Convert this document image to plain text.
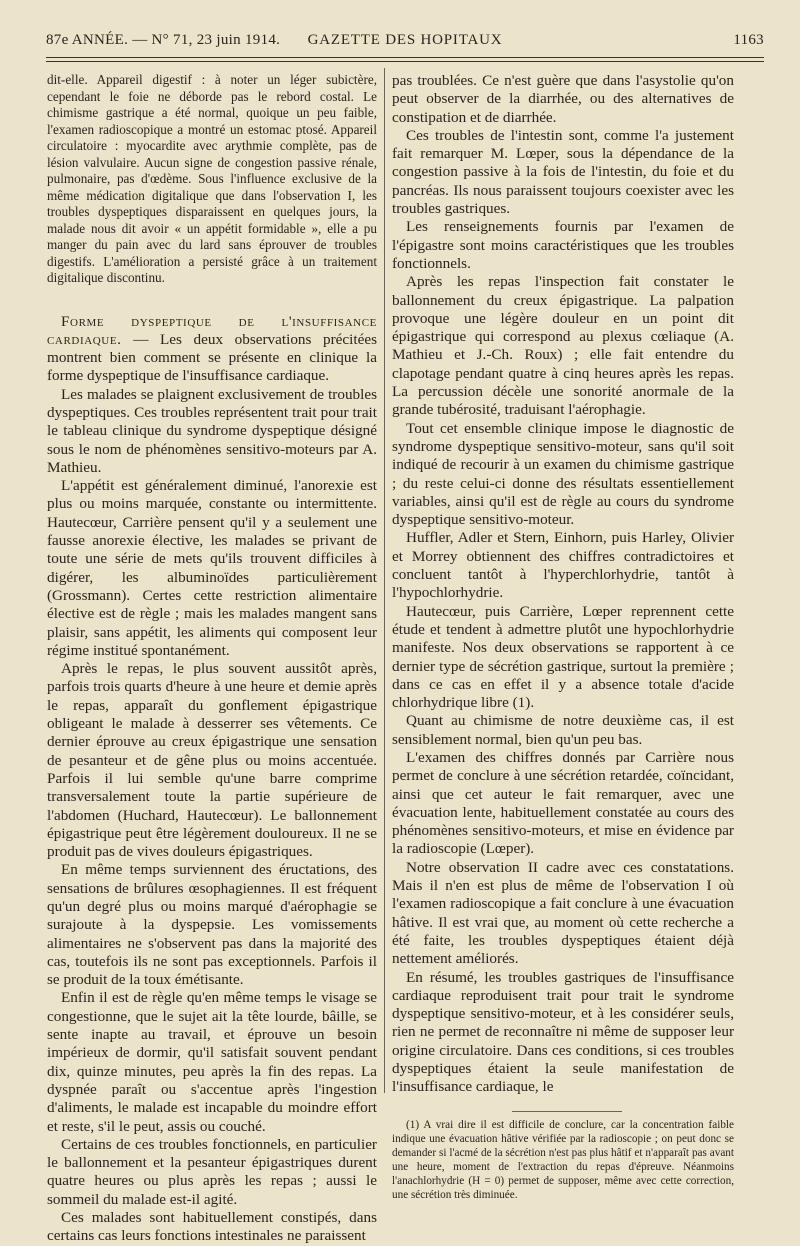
87e ANNÉE. — N° 71, 23 juin 1914.	GAZETTE DES HOPITAUX	1163

dit-elle. Appareil digestif : à noter un léger subictère, cependant le foie ne déborde pas le rebord costal. Le chimisme gastrique a été normal, quoique un peu faible, l'examen radioscopique a montré un estomac ptosé. Appareil circulatoire : myocardite avec arythmie complète, pas de lésion valvulaire. Aucun signe de congestion passive rénale, pulmonaire, pas d'œdème. Sous l'influence exclusive de la même médication digitalique que dans l'observation I, les troubles dyspeptiques disparaissent en quelques jours, la malade nous dit avoir « un appétit formidable », elle a pu manger du pain avec du lard sans éprouver de troubles digestifs. L'amélioration a persisté grâce à un traitement digitalique discontinu.

Forme dyspeptique de l'insuffisance cardiaque. — Les deux observations précitées montrent bien comment se présente en clinique la forme dyspeptique de l'insuffisance cardiaque.

Les malades se plaignent exclusivement de troubles dyspeptiques. Ces troubles représentent trait pour trait le tableau clinique du syndrome dyspeptique désigné sous le nom de phénomènes sensitivo-moteurs par A. Mathieu.

L'appétit est généralement diminué, l'anorexie est plus ou moins marquée, constante ou intermittente. Hautecœur, Carrière pensent qu'il y a seulement une fausse anorexie élective, les malades se privant de toute une série de mets qu'ils trouvent difficiles à digérer, les albuminoïdes particulièrement (Grossmann). Certes cette restriction alimentaire élective est de règle ; mais les malades mangent sans plaisir, sans appétit, les aliments qui composent leur régime institué spontanément.

Après le repas, le plus souvent aussitôt après, parfois trois quarts d'heure à une heure et demie après le repas, apparaît du gonflement épigastrique obligeant le malade à desserrer ses vêtements. Ce dernier éprouve au creux épigastrique une sensation de pesanteur et de gêne plus ou moins accentuée. Parfois il lui semble qu'une barre comprime transversalement toute la partie supérieure de l'abdomen (Huchard, Hautecœur). Le ballonnement épigastrique peut être légèrement douloureux. Il ne se produit pas de vives douleurs épigastriques.

En même temps surviennent des éructations, des sensations de brûlures œsophagiennes. Il est fréquent qu'un degré plus ou moins marqué d'aérophagie se surajoute à la dyspepsie. Les vomissements alimentaires ne s'observent pas dans la majorité des cas, toutefois ils ne sont pas exceptionnels. Parfois il se produit de la toux émétisante.

Enfin il est de règle qu'en même temps le visage se congestionne, que le sujet ait la tête lourde, bâille, se sente inapte au travail, et éprouve un besoin impérieux de dormir, qu'il satisfait souvent pendant dix, quinze minutes, peu après la fin des repas. La dyspnée paraît ou s'accentue après l'ingestion d'aliments, le malade est incapable du moindre effort et reste, s'il le peut, assis ou couché.

Certains de ces troubles fonctionnels, en particulier le ballonnement et la pesanteur épigastriques durent quatre heures ou plus après les repas ; aussi le sommeil du malade est-il agité.

Ces malades sont habituellement constipés, dans certains cas leurs fonctions intestinales ne paraissent

pas troublées. Ce n'est guère que dans l'asystolie qu'on peut observer de la diarrhée, ou des alternatives de constipation et de diarrhée.

Ces troubles de l'intestin sont, comme l'a justement fait remarquer M. Lœper, sous la dépendance de la congestion passive à la fois de l'intestin, du foie et du pancréas. Ils nous paraissent toujours coexister avec les troubles gastriques.

Les renseignements fournis par l'examen de l'épigastre sont moins caractéristiques que les troubles fonctionnels.

Après les repas l'inspection fait constater le ballonnement du creux épigastrique. La palpation provoque une légère douleur en un point dit épigastrique qui correspond au plexus cœliaque (A. Mathieu et J.-Ch. Roux) ; elle fait entendre du clapotage pendant quatre à cinq heures après les repas. La percussion décèle une sonorité anormale de la grande tubérosité, traduisant l'aérophagie.

Tout cet ensemble clinique impose le diagnostic de syndrome dyspeptique sensitivo-moteur, sans qu'il soit indiqué de recourir à un examen du chimisme gastrique ; du reste celui-ci donne des résultats essentiellement variables, ainsi qu'il est de règle au cours du syndrome dyspeptique sensitivo-moteur.

Huffler, Adler et Stern, Einhorn, puis Harley, Olivier et Morrey obtiennent des chiffres contradictoires et concluent tantôt à l'hyperchlorhydrie, tantôt à l'hypochlorhydrie.

Hautecœur, puis Carrière, Lœper reprennent cette étude et tendent à admettre plutôt une hypochlorhydrie manifeste. Nos deux observations se rapportent à ce dernier type de sécrétion gastrique, surtout la première ; dans ce cas en effet il y a absence totale d'acide chlorhydrique libre (1).

Quant au chimisme de notre deuxième cas, il est sensiblement normal, bien qu'un peu bas.

L'examen des chiffres donnés par Carrière nous permet de conclure à une sécrétion retardée, coïncidant, ainsi que cet auteur le fait remarquer, avec une évacuation lente, habituellement constatée au cours des phénomènes sensitivo-moteurs, et mise en évidence par la radioscopie (Lœper).

Notre observation II cadre avec ces constatations. Mais il n'en est plus de même de l'observation I où l'examen radioscopique a fait conclure à une évacuation hâtive. Il est vrai que, au moment où cette recherche a été faite, les troubles dyspeptiques étaient déjà nettement améliorés.

En résumé, les troubles gastriques de l'insuffisance cardiaque reproduisent trait pour trait le syndrome dyspeptique sensitivo-moteur, et à les considérer seuls, rien ne permet de reconnaître ni même de supposer leur origine circulatoire. Dans ces conditions, si ces troubles dyspeptiques étaient la seule manifestation de l'insuffisance cardiaque, le

(1) A vrai dire il est difficile de conclure, car la concentration faible indique une évacuation hâtive vérifiée par la radioscopie ; on peut donc se demander si l'acmé de la sécrétion n'est pas plus hâtif et n'apparaît pas avant une heure, moment de l'extraction du repas d'épreuve. Néanmoins l'anachlorhydrie (H = 0) permet de supposer, même avec cette correction, une sécrétion très diminuée.
